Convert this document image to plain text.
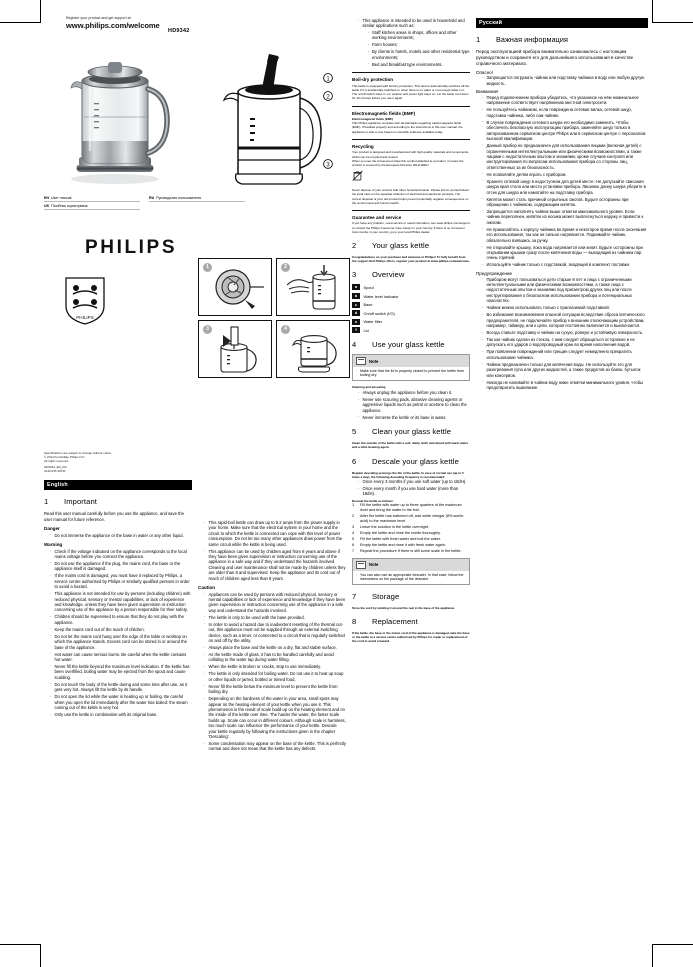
Register your product and get support at
www.philips.com/welcome
HD9342
EN User manual	RU Руководство пользователя
UK Посібник користувача
PHILIPS
PHILIPS
1
2
3
1	2
3	4
Specifications are subject to change without notice
© 2014 Koninklijke Philips N.V.
All rights reserved.
HD9342_EN_RU
3140 035 39731
English
1	Important
Read this user manual carefully before you use the appliance, and save the user manual for future reference.
Danger
· Do not immerse the appliance or the base in water or any other liquid.
Warning
· Check if the voltage indicated on the appliance corresponds to the local mains voltage before you connect the appliance.
· Do not use the appliance if the plug, the mains cord, the base or the appliance itself is damaged.
· If the mains cord is damaged, you must have it replaced by Philips, a service centre authorised by Philips or similarly qualified persons in order to avoid a hazard.
· This appliance is not intended for use by persons (including children) with reduced physical, sensory or mental capabilities, or lack of experience and knowledge, unless they have been given supervision or instruction concerning use of the appliance by a person responsible for their safety.
· Children should be supervised to ensure that they do not play with the appliance.
· Keep the mains cord out of the reach of children.
· Do not let the mains cord hang over the edge of the table or worktop on which the appliance stands. Excess cord can be stored in or around the base of the appliance.
· Hot water can cause serious burns. Be careful when the kettle contains hot water.
· Never fill the kettle beyond the maximum level indication. If the kettle has been overfilled, boiling water may be ejected from the spout and cause scalding.
· Do not touch the body of the kettle during and some time after use, as it gets very hot. Always lift the kettle by its handle.
· Do not open the lid while the water is heating up or boiling. Be careful when you open the lid immediately after the water has boiled: the steam coming out of the kettle is very hot.
· Only use the kettle in combination with its original base.
· This rapid-boil kettle can draw up to 9.2 amps from the power supply in your home. Make sure that the electrical system in your home and the circuit to which the kettle is connected can cope with this level of power consumption. Do not let too many other appliances draw power from the same circuit while the kettle is being used.
· This appliance can be used by children aged from 8 years and above if they have been given supervision or instruction concerning use of the appliance in a safe way and if they understand the hazards involved. Cleaning and user maintenance shall not be made by children unless they are older than 8 and supervised. Keep the appliance and its cord out of reach of children aged less than 8 years.
Caution
· Appliances can be used by persons with reduced physical, sensory or mental capabilities or lack of experience and knowledge if they have been given supervision or instruction concerning use of the appliance in a safe way and understand the hazards involved.
· The kettle is only to be used with the base provided.
· In order to avoid a hazard due to inadvertent resetting of the thermal cut-out, this appliance must not be supplied through an external switching device, such as a timer, or connected to a circuit that is regularly switched on and off by the utility.
· Always place the base and the kettle on a dry, flat and stable surface.
· As the kettle made of glass, it has to be handled carefully and avoid colliding to the water tap during water filling.
· When the kettle is broken or cracks, stop to use immediately.
· The kettle is only intended for boiling water. Do not use it to heat up soup or other liquids or jarred, bottled or tinned food.
· Never fill the kettle below the minimum level to prevent the kettle from boiling dry.
· Depending on the hardness of the water in your area, small spots may appear on the heating element of your kettle when you use it. This phenomenon is the result of scale build-up on the heating element and on the inside of the kettle over time. The harder the water, the faster scale builds up. Scale can occur in different colours. Although scale is harmless, too much scale can influence the performance of your kettle. Descale your kettle regularly by following the instructions given in the chapter 'Descaling'.
· Some condensation may appear on the base of the kettle. This is perfectly normal and does not mean that the kettle has any defects.
· This appliance is intended to be used in household and similar applications such as:
· Staff kitchen areas in shops, offices and other working environments;
· Farm houses;
· By clients in hotels, motels and other residential type environments;
· Bed and breakfast type environments.
Boil-dry protection
This kettle is equipped with boil-dry protection. This device automatically switches off the kettle if it is accidentally switched on when there is no water or not enough water in it. The on/off switch stays in 'on' position and power light stays on. Let the kettle cool down for 10 minutes before you use it again.
Electromagnetic fields (EMF)
Electromagnetic fields (EMF)
This Philips appliance complies with all standards regarding electromagnetic fields (EMF). If handled properly and according to the instructions in this user manual, the appliance is safe to use based on scientific evidence available today.
Recycling
Your product is designed and manufactured with high quality materials and components, which can be recycled and reused.
When you see the crossed-out wheel bin symbol attached to a product, it means the product is covered by the European Directive 2012/19/EU.
Never dispose of your product with other household waste. Please inform yourself about the local rules on the separate collection of electrical and electronic products. The correct disposal of your old product helps prevent potentially negative consequences on the environment and human health.
Guarantee and service
If you have any problem, need service or need information, see www.philips.com/support or contact the Philips Consumer Care Center in your country. If there is no Consumer Care Centre in your country, go to your local Philips dealer.
2	Your glass kettle
Congratulations on your purchase and welcome to Philips! To fully benefit from the support that Philips offers, register your product at www.philips.com/welcome.
3	Overview
a	Spout
b	Water level indicator
c	Base
d	On/off switch (I/O)
e	Water filter
f	Lid
4	Use your glass kettle
Note
· Make sure that the lid is properly closed to prevent the kettle from boiling dry.
Cleaning and descaling
· Always unplug the appliance before you clean it.
· Never use scouring pads, abrasive cleaning agents or aggressive liquids such as petrol or acetone to clean the appliance.
· Never immerse the kettle or its base in water.
5	Clean your glass kettle
Clean the outside of the kettle with a soft, damp cloth moistened with warm water and a mild cleaning agent.
6	Descale your glass kettle
Regular descaling prolongs the life of the kettle. In case of normal use (up to 5 times a day), the following descaling frequency is recommended:
· Once every 3 months if you use soft water (up to 18dH).
· Once every month if you use hard water (more than 18dH).
Descale the kettle as follows:
1 Fill the kettle with water up to three quarters of the maximum level and bring the water to the boil.
2 After the kettle has switched off, add white vinegar (8% acetic acid) to the maximum level.
3 Leave the solution in the kettle overnight.
4 Empty the kettle and rinse the inside thoroughly.
5 Fill the kettle with fresh water and boil the water.
6 Empty the kettle and rinse it with fresh water again.
7 Repeat the procedure if there is still some scale in the kettle.
Note
· You can also use an appropriate descaler. In that case, follow the instructions on the package of the descaler.
7	Storage
Store the cord by winding it around the reel in the base of the appliance.
8	Replacement
If the kettle, the base or the mains cord of the appliance is damaged, take the base or the kettle to a service centre authorised by Philips for repair or replacement of the cord to avoid a hazard.
Русский
1	Важная информация
Перед эксплуатацией прибора внимательно ознакомьтесь с настоящим руководством и сохраните его для дальнейшего использования в качестве справочного материала.
Опасно!
· Запрещается погружать чайник или подставку чайника в воду или любую другую жидкость.
Внимание!
· Перед подключением прибора убедитесь, что указанное на нём номинальное напряжение соответствует напряжению местной электросети.
· Не пользуйтесь чайником, если повреждена сетевая вилка, сетевой шнур, подставка чайника, либо сам чайник.
· В случае повреждения сетевого шнура его необходимо заменить. Чтобы обеспечить безопасную эксплуатацию прибора, заменяйте шнур только в авторизованном сервисном центре Philips или в сервисном центре с персоналом высокой квалификации.
· Данный прибор не предназначен для использования лицами (включая детей) с ограниченными интеллектуальными или физическими возможностями, а также лицами с недостаточным опытом и знаниями, кроме случаев контроля или инструктирования по вопросам использования прибора со стороны лиц, ответственных за их безопасность.
· Не позволяйте детям играть с прибором.
· Храните сетевой шнур в недоступном для детей месте. Не допускайте свисания шнура края стола или места установки прибора. Лишнюю длину шнура уберите в отсек для шнура или намотайте на подставку прибора.
· Кипяток может стать причиной серьёзных ожогов. Будьте осторожны при обращении с чайником, содержащим кипяток.
· Запрещается наполнять чайник выше отметки максимального уровня. Если чайник переполнен, кипяток из носика может выплеснуться наружу и привести к ожогам.
· Не прикасайтесь к корпусу чайника во время и некоторое время после окончания его использования, так как он сильно нагревается. Поднимайте чайник, обязательно взявшись за ручку.
· Не открывайте крышку, пока вода нагревается или кипит. Будьте осторожны при открывании крышки сразу после кипячения воды — выходящий из чайника пар очень горячий.
· Используйте чайник только с подставкой, входящей в комплект поставки.
Предупреждение
· Прибором могут пользоваться дети старше 8 лет и лица с ограниченными интеллектуальными или физическими возможностями, а также лица с недостаточным опытом и знаниями под присмотром других лиц или после инструктирования о безопасном использовании прибора и потенциальных опасностях.
· Чайник можно использовать только с прилагаемой подставкой.
· Во избежание возникновения опасной ситуации вследствие сброса termического предохранителя, не подключайте прибор к внешним отключающим устройствам, например, таймеру, или к цепи, которая постоянно включается и выключается.
· Всегда ставьте подставку и чайник на сухую, ровную и устойчивую поверхность.
· Так как чайник сделан из стекла, с ним следует обращаться осторожно и не допускать его ударов о водопроводный кран во время наполнения водой.
· При появлении повреждений или трещин следует немедленно прекратить использование чайника.
· Чайник предназначен только для кипячения воды. Не используйте его для разогревания супа или других жидкостей, а также продуктов из банок, бутылок или консервов.
· Никогда не наливайте в чайник воду ниже отметки минимального уровня, чтобы предотвратить выкипание.
